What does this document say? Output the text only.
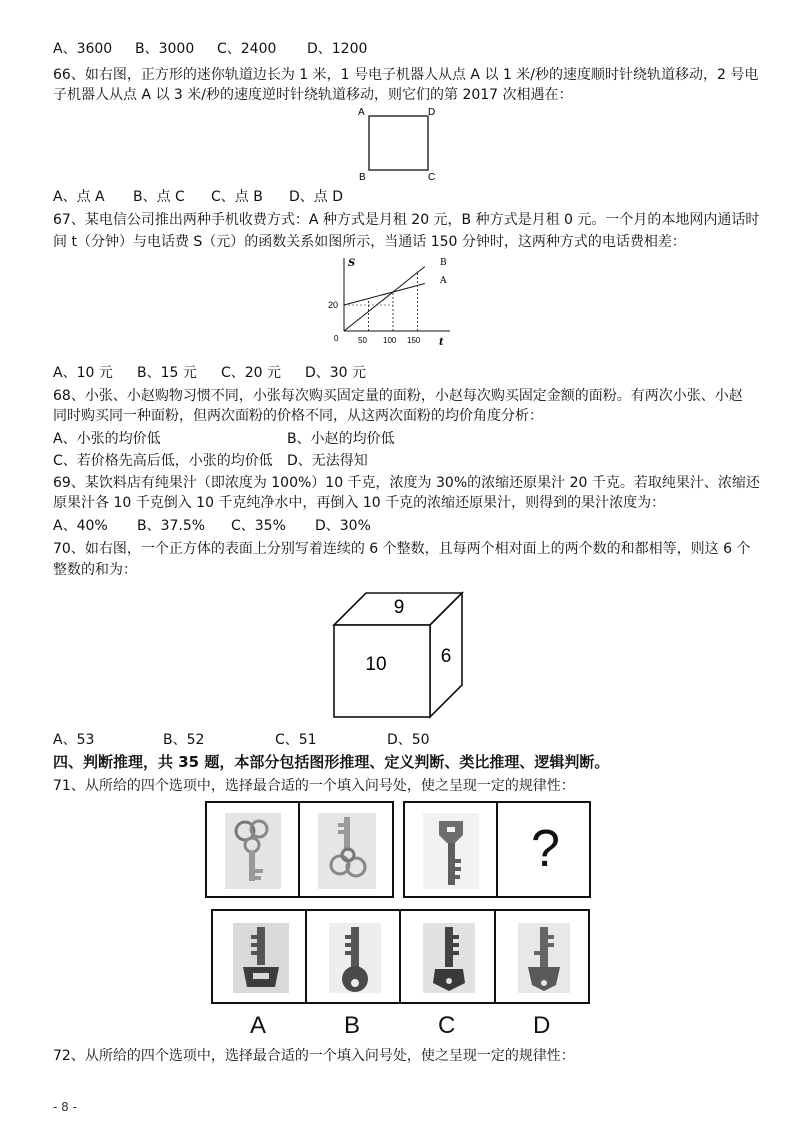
A、3600 B、3000 C、2400 D、1200
66、如右图，正方形的迷你轨道边长为 1 米，1 号电子机器人从点 A 以 1 米/秒的速度顺时针绕轨道移动，2 号电
子机器人从点 A 以 3 米/秒的速度逆时针绕轨道移动，则它们的第 2017 次相遇在：
A	D
B	C
A、点 A B、点 C C、点 B D、点 D
67、某电信公司推出两种手机收费方式：A 种方式是月租 20 元，B 种方式是月租 0 元。一个月的本地网内通话时
间 t（分钟）与电话费 S（元）的函数关系如图所示，当通话 150 分钟时，这两种方式的电话费相差：
S
t
0
20
50 100 150
B
A
A、10 元 B、15 元 C、20 元 D、30 元
68、小张、小赵购物习惯不同，小张每次购买固定量的面粉，小赵每次购买固定金额的面粉。有两次小张、小赵
同时购买同一种面粉，但两次面粉的价格不同，从这两次面粉的均价角度分析：
A、小张的均价低	B、小赵的均价低
C、若价格先高后低，小张的均价低 D、无法得知
69、某饮料店有纯果汁（即浓度为 100%）10 千克，浓度为 30%的浓缩还原果汁 20 千克。若取纯果汁、浓缩还
原果汁各 10 千克倒入 10 千克纯净水中，再倒入 10 千克的浓缩还原果汁，则得到的果汁浓度为：
A、40% B、37.5% C、35% D、30%
70、如右图，一个正方体的表面上分别写着连续的 6 个整数，且每两个相对面上的两个数的和都相等，则这 6 个
整数的和为：
9
10	6
A、53	B、52	C、51	D、50
四、判断推理，共 35 题，本部分包括图形推理、定义判断、类比推理、逻辑判断。
71、从所给的四个选项中，选择最合适的一个填入问号处，使之呈现一定的规律性：
?
A	B	C	D
72、从所给的四个选项中，选择最合适的一个填入问号处，使之呈现一定的规律性：
- 8 -
